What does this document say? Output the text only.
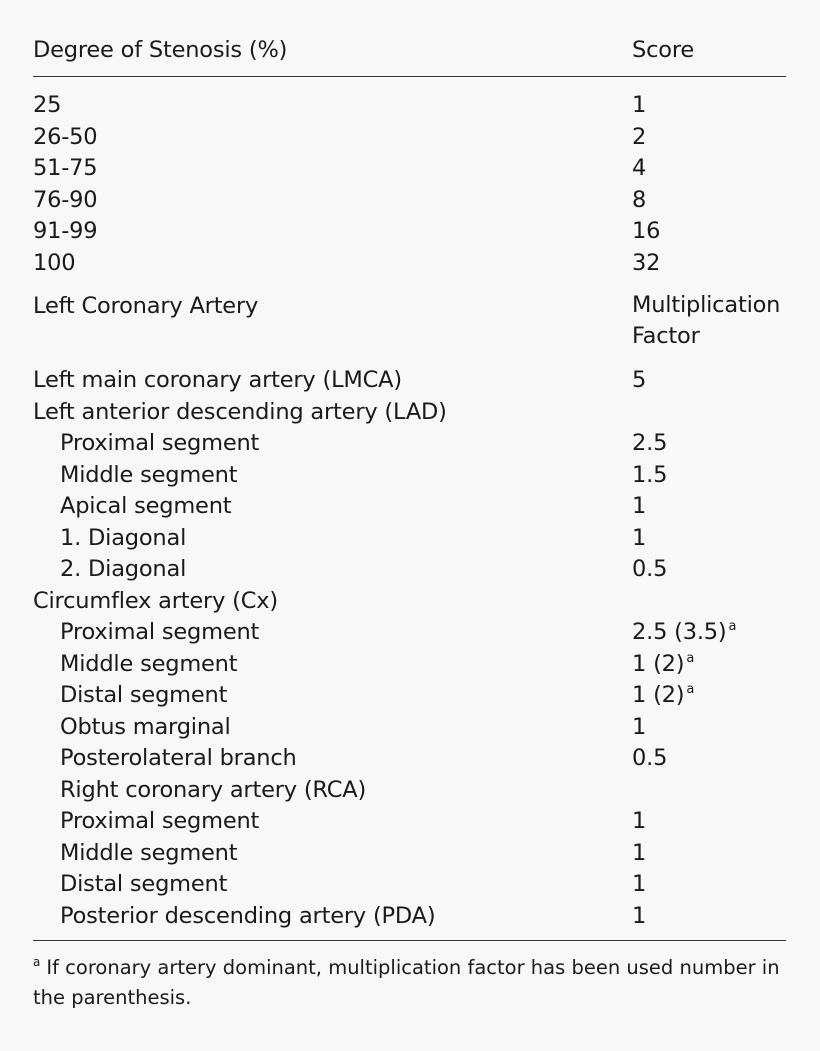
Degree of Stenosis (%)	Score
25	1
26-50	2
51-75	4
76-90	8
91-99	16
100	32
Left Coronary Artery	Multiplication
Factor
Left main coronary artery (LMCA)	5
Left anterior descending artery (LAD)
Proximal segment	2.5
Middle segment	1.5
Apical segment	1
1. Diagonal	1
2. Diagonal	0.5
Circumflex artery (Cx)
Proximal segment	2.5 (3.5) $^a$
Middle segment	1 (2) $^a$
Distal segment	1 (2) $^a$
Obtus marginal	1
Posterolateral branch	0.5
Right coronary artery (RCA)
Proximal segment	1
Middle segment	1
Distal segment	1
Posterior descending artery (PDA)	1
$^a$ If coronary artery dominant, multiplication factor has been used number in the parenthesis.
